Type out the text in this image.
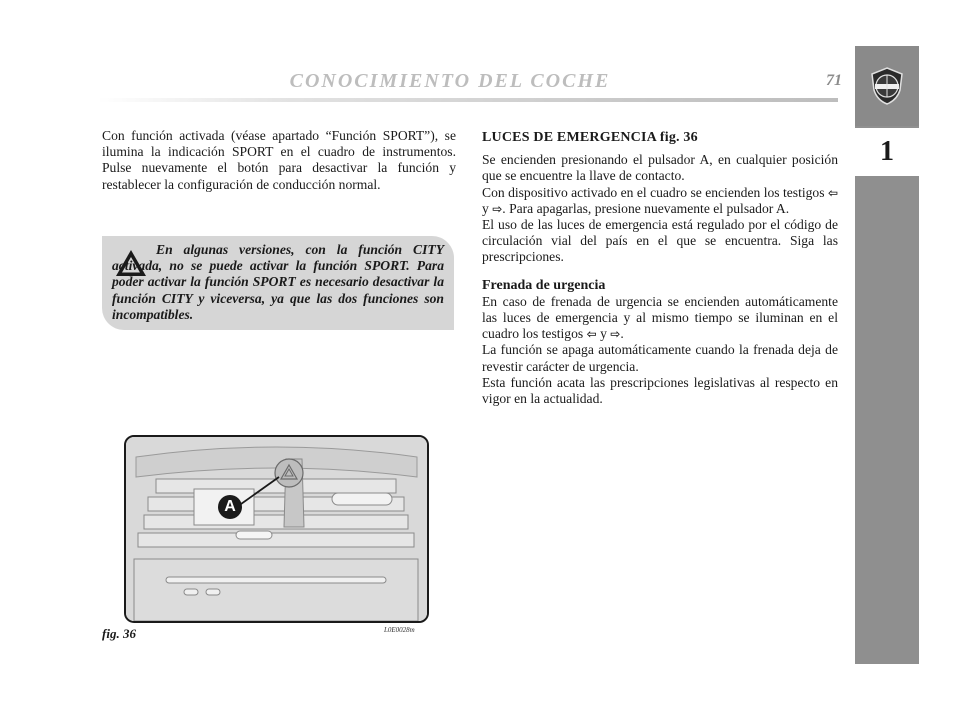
CONOCIMIENTO DEL COCHE	71
1
Con función activada (véase apartado “Función SPORT”), se ilumina la indicación SPORT en el cuadro de instrumentos. Pulse nuevamente el botón para desactivar la función y restablecer la configuración de conducción normal.
En algunas versiones, con la función CITY activada, no se puede activar la función SPORT. Para poder activar la función SPORT es necesario desactivar la función CITY y viceversa, ya que las dos funciones son incompatibles.
A
fig. 36	L0E0028m
LUCES DE EMERGENCIA fig. 36

Se encienden presionando el pulsador A, en cualquier posición que se encuentre la llave de contacto.

Con dispositivo activado en el cuadro se encienden los testigos ⇦ y ⇨. Para apagarlas, presione nuevamente el pulsador A.

El uso de las luces de emergencia está regulado por el código de circulación vial del país en el que se encuentra. Siga las prescripciones.

Frenada de urgencia

En caso de frenada de urgencia se encienden automáticamente las luces de emergencia y al mismo tiempo se iluminan en el cuadro los testigos ⇦ y ⇨.

La función se apaga automáticamente cuando la frenada deja de revestir carácter de urgencia.

Esta función acata las prescripciones legislativas al respecto en vigor en la actualidad.
